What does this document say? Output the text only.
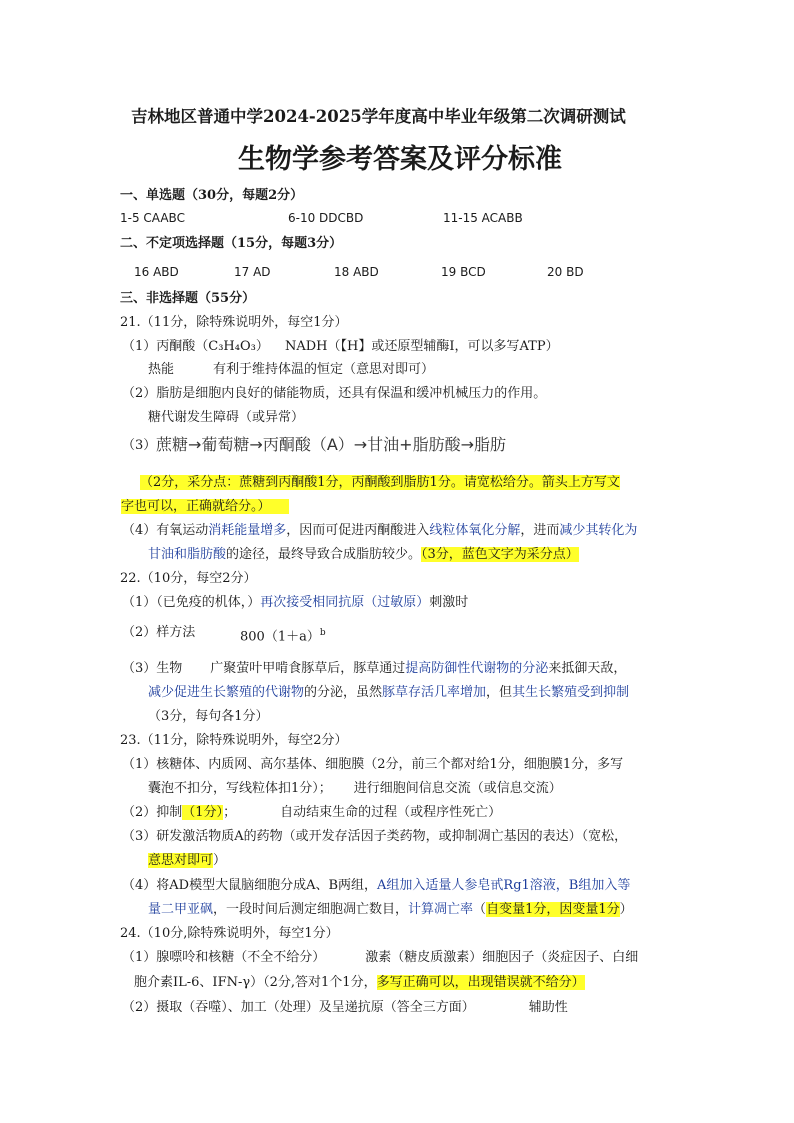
吉林地区普通中学2024-2025学年度高中毕业年级第二次调研测试
生物学参考答案及评分标准
一、单选题（30分，每题2分）
1-5 CAABC	6-10 DDCBD	11-15 ACABB
二、不定项选择题（15分，每题3分）
16 ABD	17 AD	18 ABD	19 BCD	20 BD
三、非选择题（55分）
21.（11分，除特殊说明外，每空1分）
（1）丙酮酸（C₃H₄O₃） NADH（【H】或还原型辅酶Ⅰ，可以多写ATP）
热能	有利于维持体温的恒定（意思对即可）
（2）脂肪是细胞内良好的储能物质，还具有保温和缓冲机械压力的作用。
糖代谢发生障碍（或异常）
（3） 蔗糖→葡萄糖→丙酮酸（A）→甘油+脂肪酸→脂肪
（2分，采分点：蔗糖到丙酮酸1分，丙酮酸到脂肪1分。请宽松给分。箭头上方写文
字也可以，正确就给分。）
（4）有氧运动消耗能量增多，因而可促进丙酮酸进入线粒体氧化分解，进而减少其转化为
甘油和脂肪酸的途径，最终导致合成脂肪较少。（3分，蓝色文字为采分点）
22.（10分，每空2分）
（1）（已免疫的机体，）再次接受相同抗原（过敏原）刺激时
（2）样方法	$800(1+a)^b$
（3）生物 广聚萤叶甲啃食豚草后，豚草通过提高防御性代谢物的分泌来抵御天敌，
减少促进生长繁殖的代谢物的分泌，虽然豚草存活几率增加，但其生长繁殖受到抑制
（3分，每句各1分）
23.（11分，除特殊说明外，每空2分）
（1）核糖体、内质网、高尔基体、细胞膜（2分，前三个都对给1分，细胞膜1分，多写
囊泡不扣分，写线粒体扣1分）； 进行细胞间信息交流（或信息交流）
（2）抑制（1分）；	自动结束生命的过程（或程序性死亡）
（3）研发激活物质A的药物（或开发存活因子类药物，或抑制凋亡基因的表达）（宽松，
意思对即可）
（4）将AD模型大鼠脑细胞分成A、B两组，A组加入适量人参皂甙Rg1溶液，B组加入等
量二甲亚砜，一段时间后测定细胞凋亡数目，计算凋亡率（自变量1分，因变量1分）
24.（10分,除特殊说明外，每空1分）
（1）腺嘌呤和核糖（不全不给分）	激素（糖皮质激素）细胞因子（炎症因子、白细
胞介素IL-6、IFN-γ）（2分,答对1个1分，多写正确可以，出现错误就不给分）
（2）摄取（吞噬）、加工（处理）及呈递抗原（答全三方面）	辅助性
